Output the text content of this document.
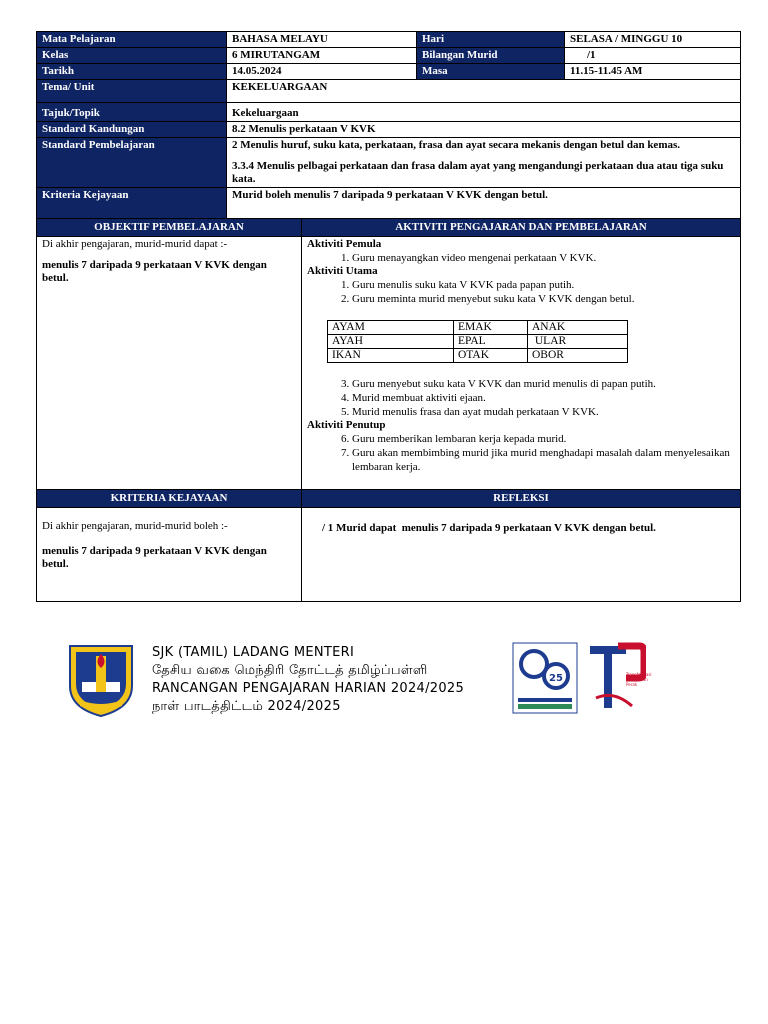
Mata Pelajaran	BAHASA MELAYU	Hari	SELASA / MINGGU 10
Kelas	6 MIRUTANGAM	Bilangan Murid	/1
Tarikh	14.05.2024	Masa	11.15-11.45 AM
Tema/ Unit	KEKELUARGAAN		
Tajuk/Topik	Kekeluargaan		
Standard Kandungan	8.2 Menulis perkataan V KVK		
Standard Pembelajaran	2 Menulis huruf, suku kata, perkataan, frasa dan ayat secara mekanis dengan betul dan kemas.

3.3.4 Menulis pelbagai perkataan dan frasa dalam ayat yang mengandungi perkataan dua atau tiga suku kata.		

Kriteria Kejayaan	Murid boleh menulis 7 daripada 9 perkataan V KVK dengan betul.		
OBJEKTIF PEMBELAJARAN	AKTIVITI PENGAJARAN DAN PEMBELAJARAN

Di akhir pengajaran, murid-murid dapat :-

menulis 7 daripada 9 perkataan V KVK dengan betul.

Aktiviti Pemula
1. Guru menayangkan video mengenai perkataan V KVK.
Aktiviti Utama
1. Guru menulis suku kata V KVK pada papan putih.
2. Guru meminta murid menyebut suku kata V KVK dengan betul.
AYAM	EMAK	ANAK
AYAH	EPAL	ULAR
IKAN	OTAK	OBOR
3. Guru menyebut suku kata V KVK dan murid menulis di papan putih.
4. Murid membuat aktiviti ejaan.
5. Murid menulis frasa dan ayat mudah perkataan V KVK.
Aktiviti Penutup
6. Guru memberikan lembaran kerja kepada murid.
7. Guru akan membimbing murid jika murid menghadapi masalah dalam menyelesaikan lembaran kerja.

KRITERIA KEJAYAAN	REFLEKSI

Di akhir pengajaran, murid-murid boleh :-

menulis 7 daripada 9 perkataan V KVK dengan betul.

	/ 1 Murid dapat  menulis 7 daripada 9 perkataan V KVK dengan betul.
SJK (TAMIL) LADANG MENTERI
தேசிய வகை மெந்திரி தோட்டத் தமிழ்ப்பள்ளி
RANCANGAN PENGAJARAN HARIAN 2024/2025
நாள் பாடத்திட்டம் 2024/2025
25	Transformasi Pendidikan Perak
